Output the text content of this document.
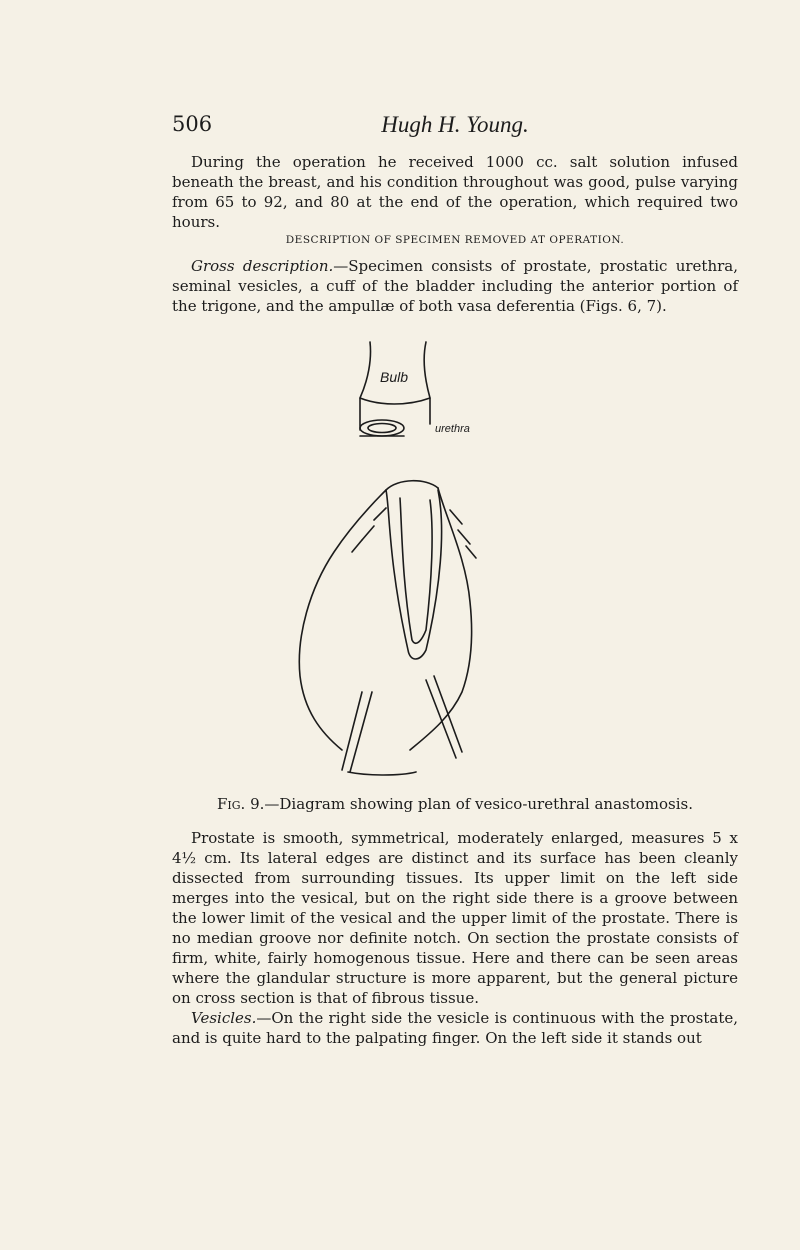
506	Hugh H. Young.

During the operation he received 1000 cc. salt solution infused beneath the breast, and his condition throughout was good, pulse varying from 65 to 92, and 80 at the end of the operation, which required two hours.

DESCRIPTION OF SPECIMEN REMOVED AT OPERATION.

Gross description.—Specimen consists of prostate, prostatic urethra, seminal vesicles, a cuff of the bladder including the anterior portion of the trigone, and the ampullæ of both vasa deferentia (Figs. 6, 7).

Bulb
urethra
Fig. 9.—Diagram showing plan of vesico-urethral anastomosis.

Prostate is smooth, symmetrical, moderately enlarged, measures 5 x 4½ cm. Its lateral edges are distinct and its surface has been cleanly dissected from surrounding tissues. Its upper limit on the left side merges into the vesical, but on the right side there is a groove between the lower limit of the vesical and the upper limit of the prostate. There is no median groove nor definite notch. On section the prostate consists of firm, white, fairly homogenous tissue. Here and there can be seen areas where the glandular structure is more apparent, but the general picture on cross section is that of fibrous tissue.

Vesicles.—On the right side the vesicle is continuous with the prostate, and is quite hard to the palpating finger. On the left side it stands out
